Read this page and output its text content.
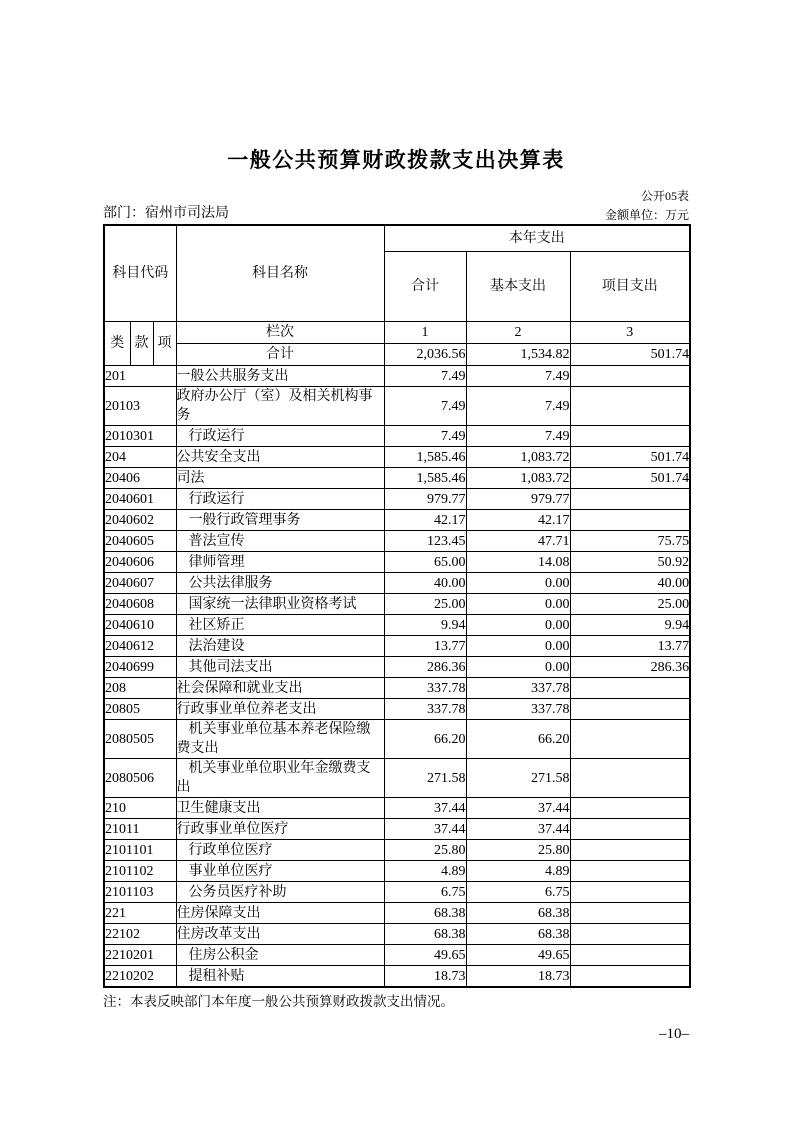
一般公共预算财政拨款支出决算表
公开05表
部门：宿州市司法局	金额单位：万元
科目代码			科目名称	本年支出		
				合计	基本支出	项目支出
类	款	项	栏次	1	2	3
			合计	2,036.56	1,534.82	501.74
201			一般公共服务支出	7.49	7.49	
20103			政府办公厅（室）及相关机构事务	7.49	7.49	
2010301			行政运行	7.49	7.49	
204			公共安全支出	1,585.46	1,083.72	501.74
20406			司法	1,585.46	1,083.72	501.74
2040601			行政运行	979.77	979.77	
2040602			一般行政管理事务	42.17	42.17	
2040605			普法宣传	123.45	47.71	75.75
2040606			律师管理	65.00	14.08	50.92
2040607			公共法律服务	40.00	0.00	40.00
2040608			国家统一法律职业资格考试	25.00	0.00	25.00
2040610			社区矫正	9.94	0.00	9.94
2040612			法治建设	13.77	0.00	13.77
2040699			其他司法支出	286.36	0.00	286.36
208			社会保障和就业支出	337.78	337.78	
20805			行政事业单位养老支出	337.78	337.78	
2080505			机关事业单位基本养老保险缴费支出	66.20	66.20	
2080506			机关事业单位职业年金缴费支出	271.58	271.58	
210			卫生健康支出	37.44	37.44	
21011			行政事业单位医疗	37.44	37.44	
2101101			行政单位医疗	25.80	25.80	
2101102			事业单位医疗	4.89	4.89	
2101103			公务员医疗补助	6.75	6.75	
221			住房保障支出	68.38	68.38	
22102			住房改革支出	68.38	68.38	
2210201			住房公积金	49.65	49.65	
2210202			提租补贴	18.73	18.73	
注：本表反映部门本年度一般公共预算财政拨款支出情况。
–10–
